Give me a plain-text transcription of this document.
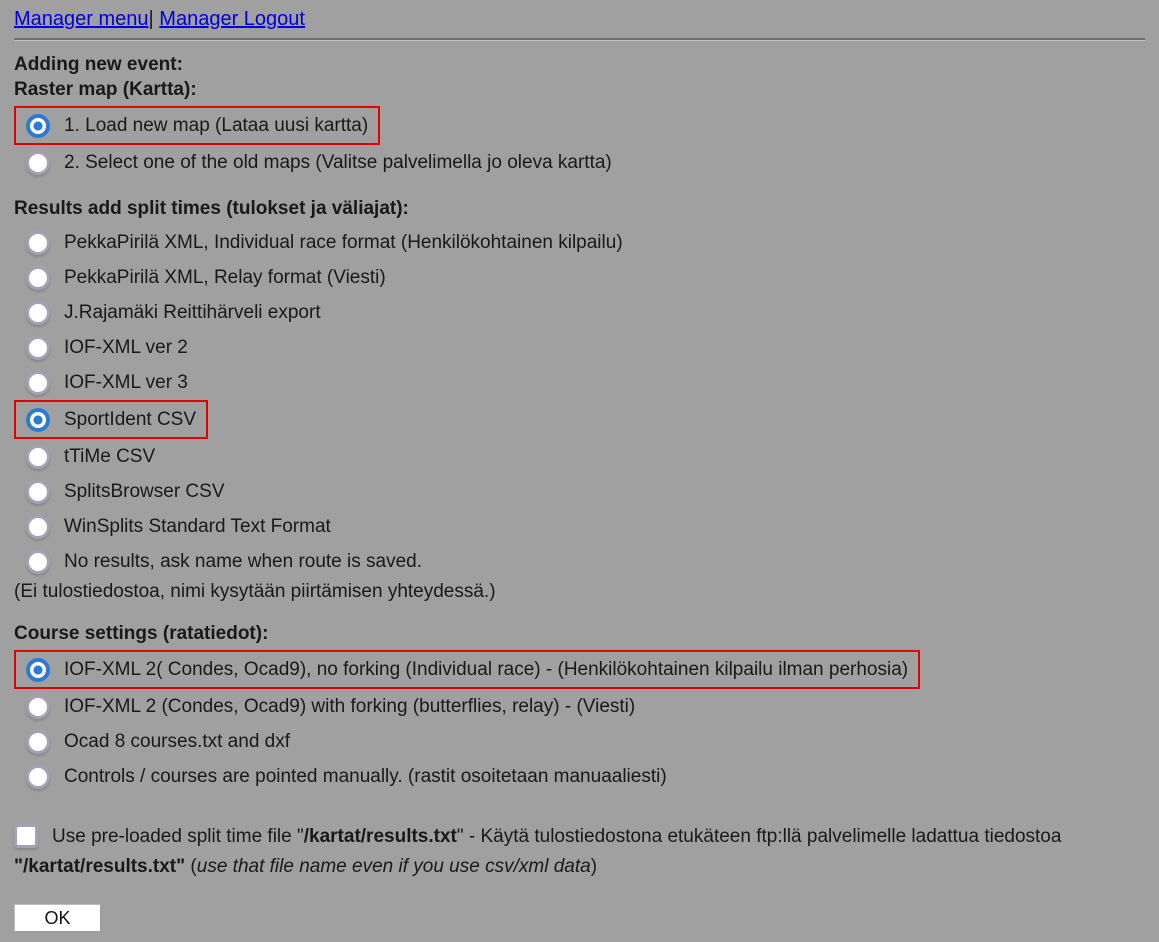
Manager menu| Manager Logout
Adding new event:
Raster map (Kartta):
1. Load new map (Lataa uusi kartta)
2. Select one of the old maps (Valitse palvelimella jo oleva kartta)
Results add split times (tulokset ja väliajat):
PekkaPirilä XML, Individual race format (Henkilökohtainen kilpailu)
PekkaPirilä XML, Relay format (Viesti)
J.Rajamäki Reittihärveli export
IOF-XML ver 2
IOF-XML ver 3
SportIdent CSV
tTiMe CSV
SplitsBrowser CSV
WinSplits Standard Text Format
No results, ask name when route is saved.
(Ei tulostiedostoa, nimi kysytään piirtämisen yhteydessä.)
Course settings (ratatiedot):
IOF-XML 2( Condes, Ocad9), no forking (Individual race) - (Henkilökohtainen kilpailu ilman perhosia)
IOF-XML 2 (Condes, Ocad9) with forking (butterflies, relay) - (Viesti)
Ocad 8 courses.txt and dxf
Controls / courses are pointed manually. (rastit osoitetaan manuaaliesti)
Use pre-loaded split time file "/kartat/results.txt" - Käytä tulostiedostona etukäteen ftp:llä palvelimelle ladattua tiedostoa "/kartat/results.txt" (use that file name even if you use csv/xml data)
OK
